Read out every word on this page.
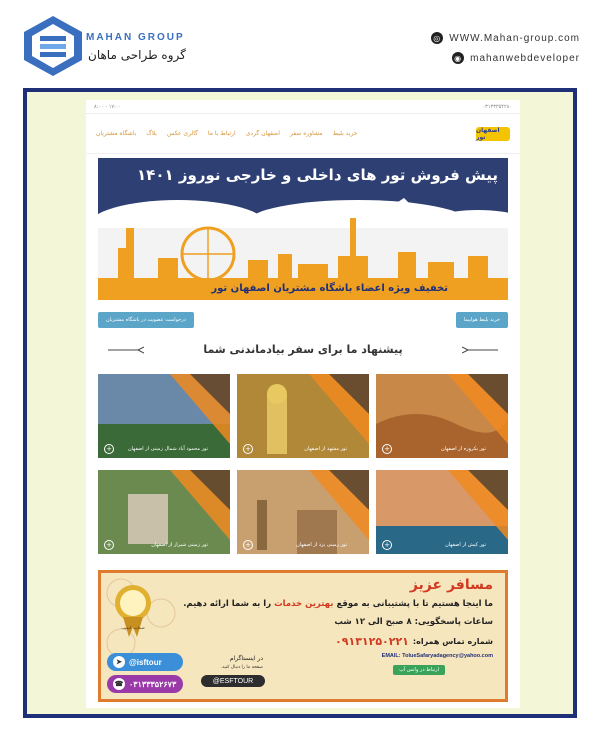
MAHAN GROUP
گروه طراحی ماهان
◎ WWW.Mahan-group.com
◉ mahanwebdeveloper
۸:۰۰ - ۱۷:۰۰	۰۳۱۳۳۳۵۴۲۸۰
خرید بلیط
مشاوره سفر
اصفهان گردی
ارتباط با ما
گالری عکس
بلاگ
باشگاه مشتریان	اصفهان تور
پیش فروش تور های داخلی و خارجی نوروز ۱۴۰۱
تخفیف ویژه اعضاء باشگاه مشتریان اصفهان تور
درخواست عضویت در باشگاه مشتریان	خرید بلیط هواپیما
پیشنهاد ما برای سفر بیادماندنی شما
تور یکروزه از اصفهان
+
تور مشهد از اصفهان
+
تور محمود آباد شمال زمینی از اصفهان
+
تور کیش از اصفهان
+
تور زمینی یزد از اصفهان
+
تور زمینی شیراز از اصفهان
+
ضمانت کیفیت
مسافر عزیز
ما اینجا هستیم تا با پشتیبانی به موقع بهترین خدمات را به شما ارائه دهیم.
ساعات پاسخگویی: ۸ صبح الی ۱۲ شب
شماره تماس همراه:
۰۹۱۳۱۲۵۰۲۲۱
EMAIL: TolueSafaryadagency@yahoo.com
ارتباط در واتس آپ
در اینستاگرام
صفحه ما را دنبال کنید.
@ESFTOUR
➤ @isftour
☎ ۰۳۱۳۳۳۵۲۶۷۳
